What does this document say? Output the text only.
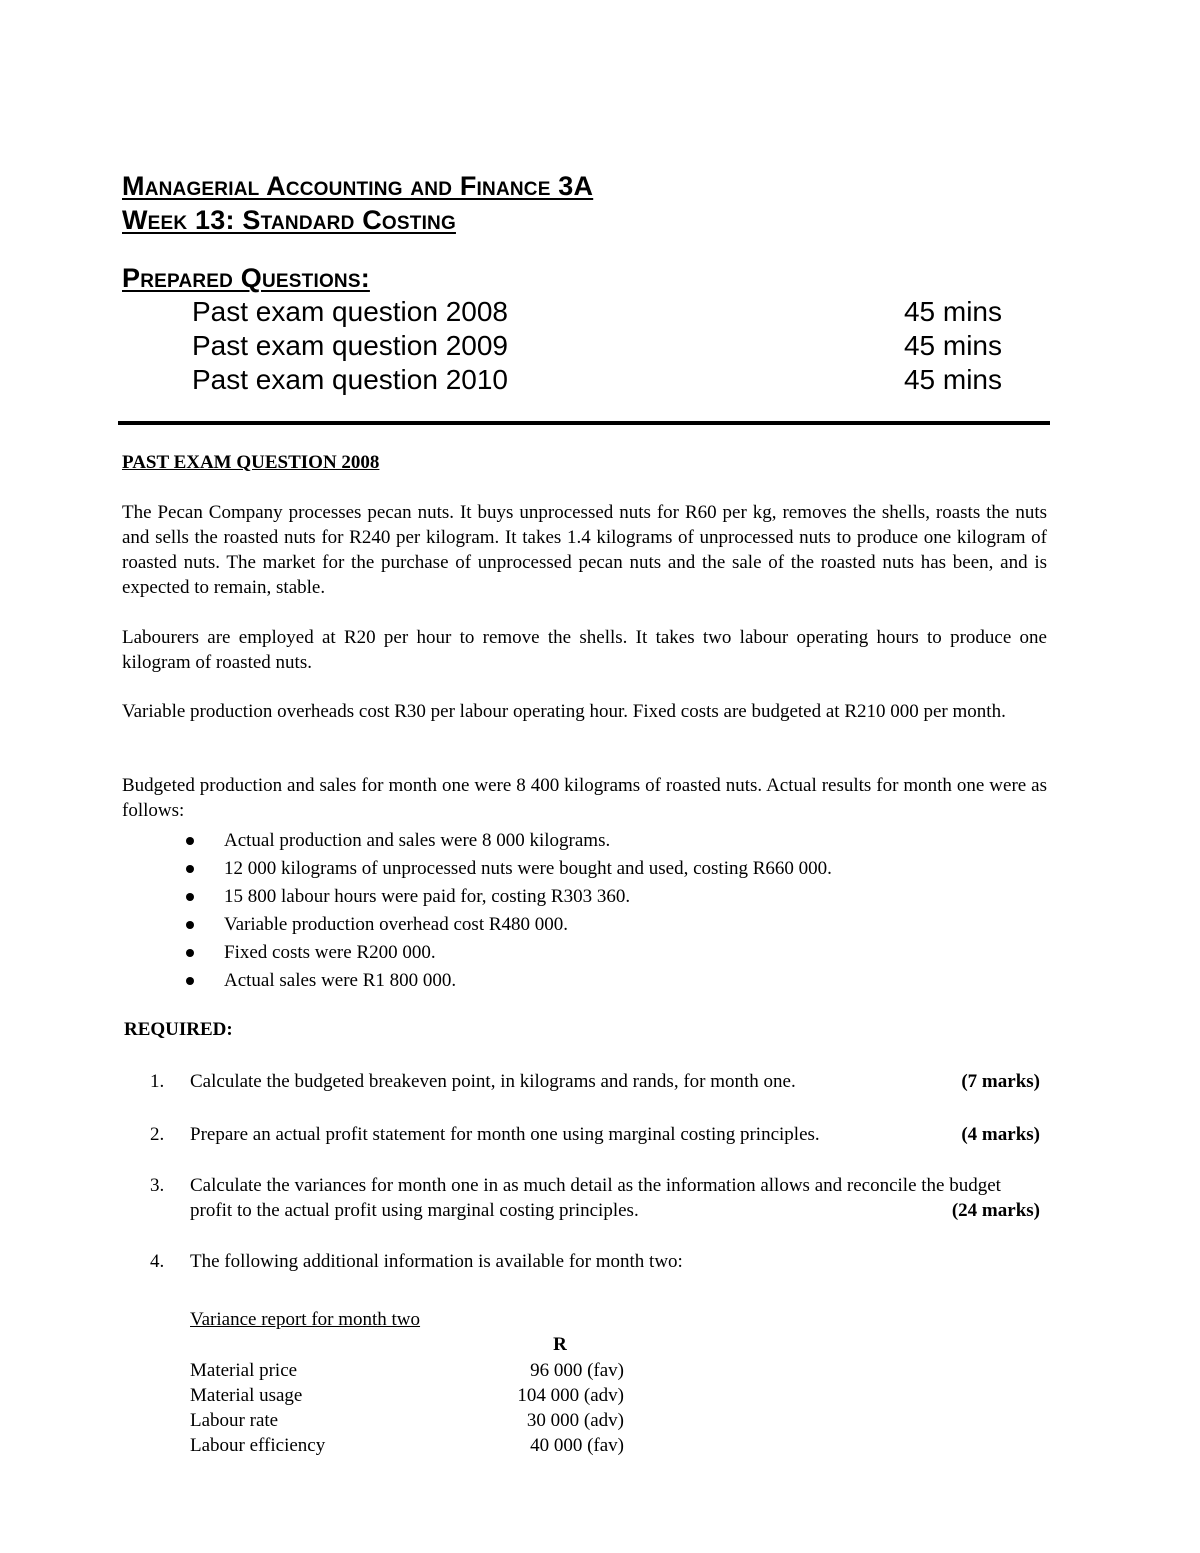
Managerial Accounting and Finance 3A
Week 13: Standard Costing
Prepared Questions:
Past exam question 2008	45 mins
Past exam question 2009	45 mins
Past exam question 2010	45 mins
PAST EXAM QUESTION 2008
The Pecan Company processes pecan nuts. It buys unprocessed nuts for R60 per kg, removes the shells, roasts the nuts and sells the roasted nuts for R240 per kilogram. It takes 1.4 kilograms of unprocessed nuts to produce one kilogram of roasted nuts. The market for the purchase of unprocessed pecan nuts and the sale of the roasted nuts has been, and is expected to remain, stable.
Labourers are employed at R20 per hour to remove the shells. It takes two labour operating hours to produce one kilogram of roasted nuts.
Variable production overheads cost R30 per labour operating hour. Fixed costs are budgeted at R210 000 per month.
Budgeted production and sales for month one were 8 400 kilograms of roasted nuts. Actual results for month one were as follows:
Actual production and sales were 8 000 kilograms.
12 000 kilograms of unprocessed nuts were bought and used, costing R660 000.
15 800 labour hours were paid for, costing R303 360.
Variable production overhead cost R480 000.
Fixed costs were R200 000.
Actual sales were R1 800 000.
REQUIRED:
1. Calculate the budgeted breakeven point, in kilograms and rands, for month one.	(7 marks)
2. Prepare an actual profit statement for month one using marginal costing principles.	(4 marks)
3. Calculate the variances for month one in as much detail as the information allows and reconcile the budget profit to the actual profit using marginal costing principles.	(24 marks)
4. The following additional information is available for month two:
Variance report for month two
R
Material price	96 000 (fav)
Material usage	104 000 (adv)
Labour rate	30 000 (adv)
Labour efficiency	40 000 (fav)
